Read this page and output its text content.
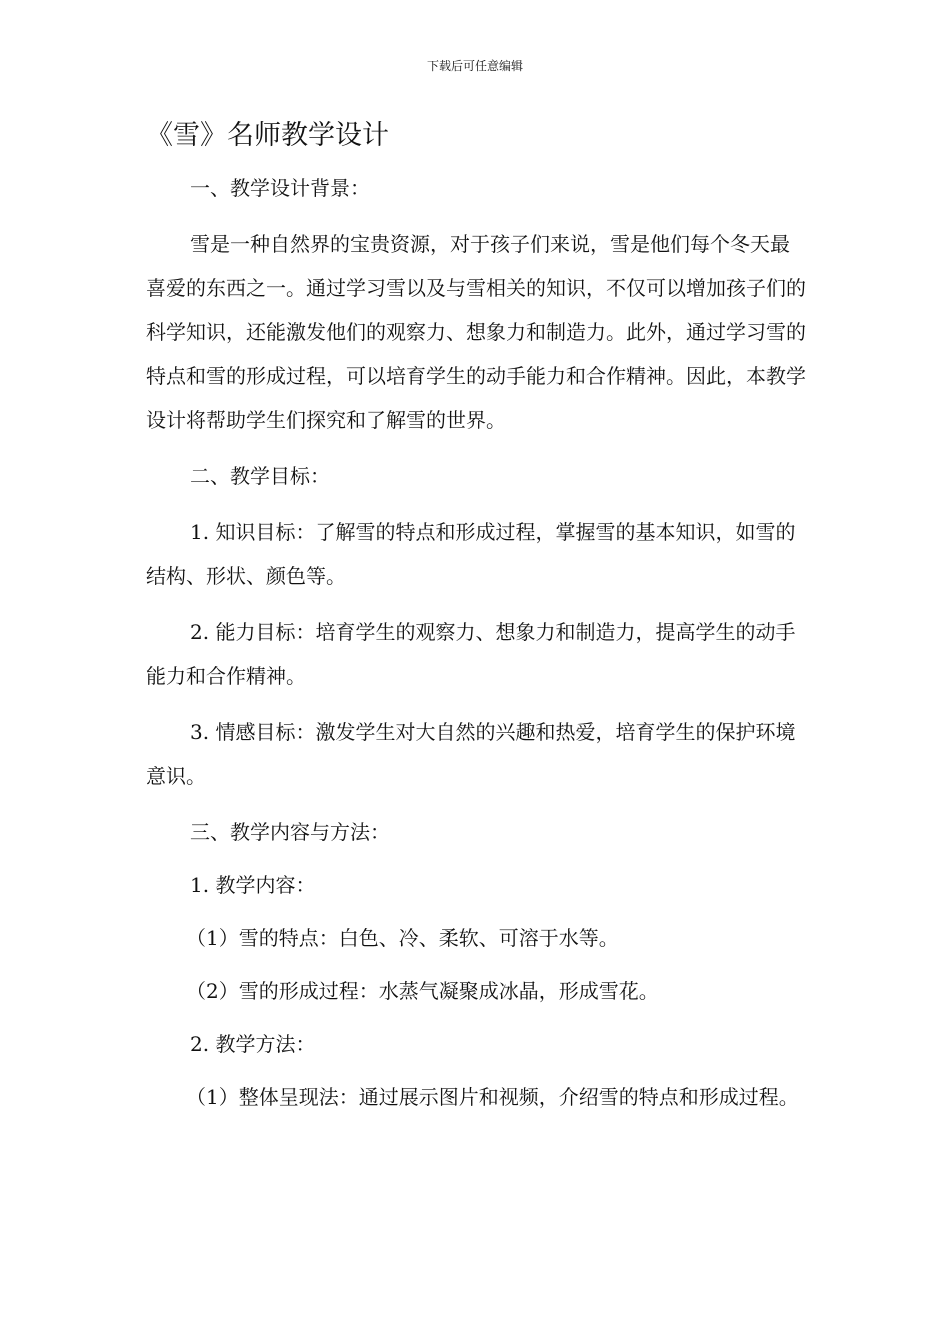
下载后可任意编辑
《雪》名师教学设计

一、教学设计背景：

雪是一种自然界的宝贵资源，对于孩子们来说，雪是他们每个冬天最喜爱的东西之一。通过学习雪以及与雪相关的知识，不仅可以增加孩子们的科学知识，还能激发他们的观察力、想象力和制造力。此外，通过学习雪的特点和雪的形成过程，可以培育学生的动手能力和合作精神。因此，本教学设计将帮助学生们探究和了解雪的世界。

二、教学目标：

1. 知识目标：了解雪的特点和形成过程，掌握雪的基本知识，如雪的结构、形状、颜色等。

2. 能力目标：培育学生的观察力、想象力和制造力，提高学生的动手能力和合作精神。

3. 情感目标：激发学生对大自然的兴趣和热爱，培育学生的保护环境意识。

三、教学内容与方法：

1. 教学内容：

（1）雪的特点：白色、冷、柔软、可溶于水等。

（2）雪的形成过程：水蒸气凝聚成冰晶，形成雪花。

2. 教学方法：

（1）整体呈现法：通过展示图片和视频，介绍雪的特点和形成过程。
